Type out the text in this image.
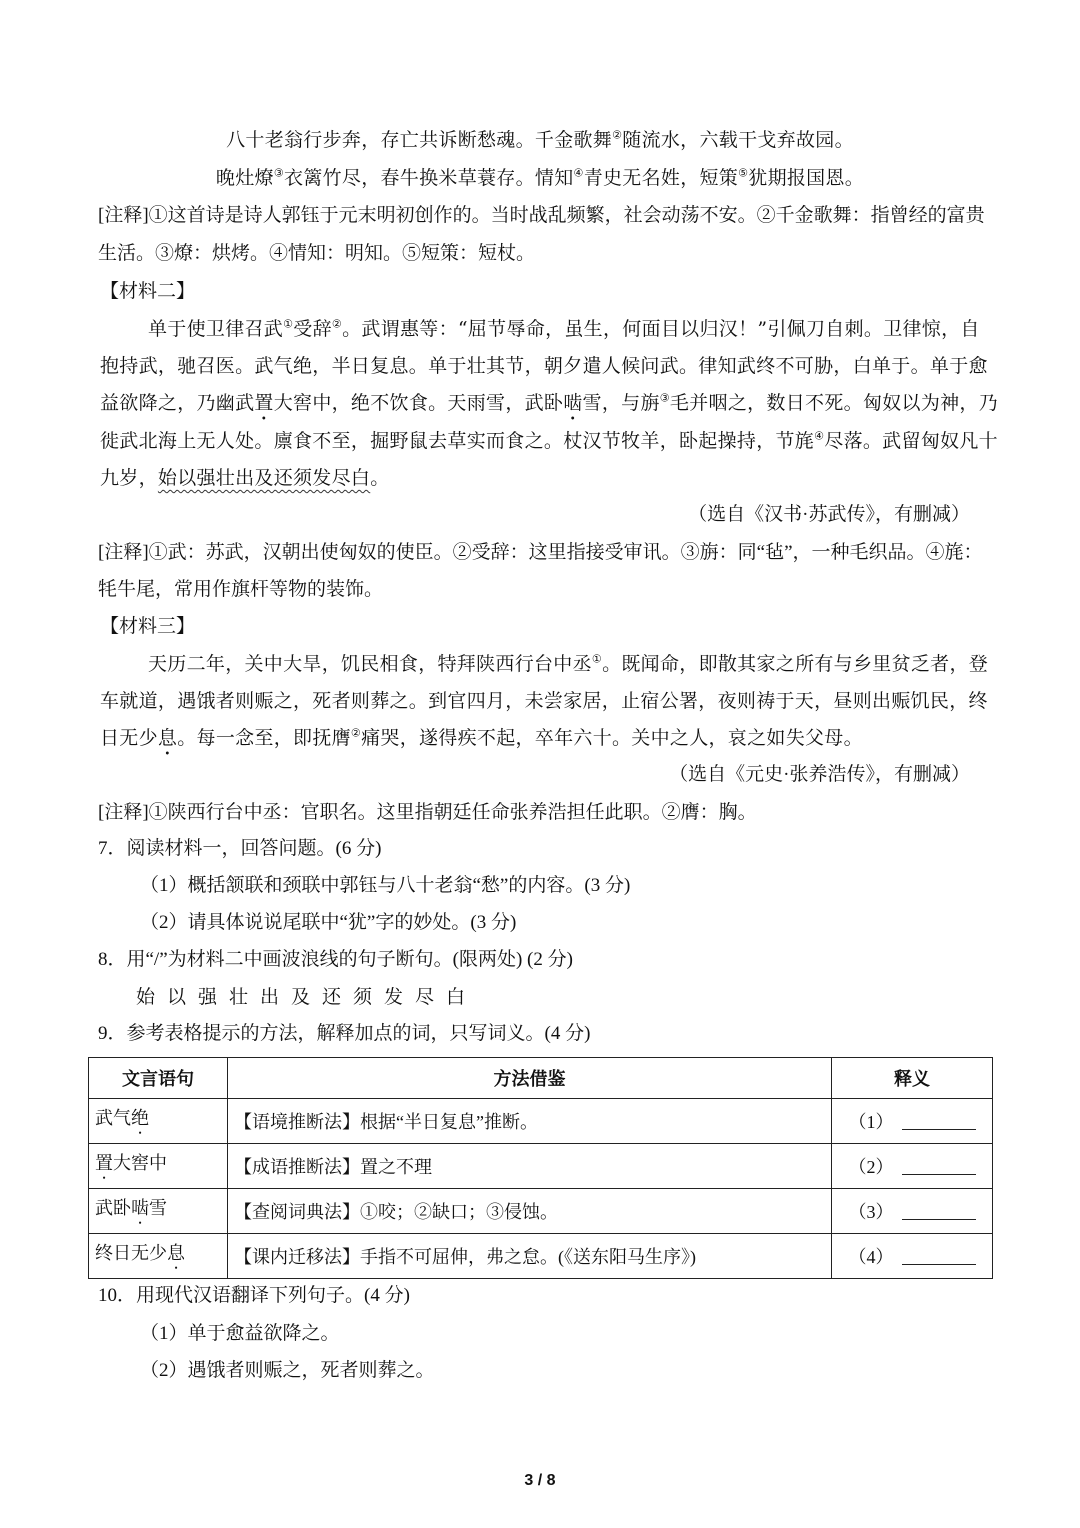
八十老翁行步奔，存亡共诉断愁魂。千金歌舞②随流水，六载干戈弃故园。
晚灶燎③衣篱竹尽，春牛换米草蓑存。情知④青史无名姓，短策⑤犹期报国恩。
[注释]①这首诗是诗人郭钰于元末明初创作的。当时战乱频繁，社会动荡不安。②千金歌舞：指曾经的富贵
生活。③燎：烘烤。④情知：明知。⑤短策：短杖。
【材料二】
单于使卫律召武①受辞②。武谓惠等：“屈节辱命，虽生，何面目以归汉！”引佩刀自刺。卫律惊，自
抱持武，驰召医。武气绝，半日复息。单于壮其节，朝夕遣人候问武。律知武终不可胁，白单于。单于愈
益欲降之，乃幽武置大窖中，绝不饮食。天雨雪，武卧啮雪，与旃③毛并咽之，数日不死。匈奴以为神，乃
徙武北海上无人处。廪食不至，掘野鼠去草实而食之。杖汉节牧羊，卧起操持，节旄④尽落。武留匈奴凡十
九岁，始以强壮出及还须发尽白。
（选自《汉书·苏武传》，有删减）
[注释]①武：苏武，汉朝出使匈奴的使臣。②受辞：这里指接受审讯。③旃：同“毡”，一种毛织品。④旄：
牦牛尾，常用作旗杆等物的装饰。
【材料三】
天历二年，关中大旱，饥民相食，特拜陕西行台中丞①。既闻命，即散其家之所有与乡里贫乏者，登
车就道，遇饿者则赈之，死者则葬之。到官四月，未尝家居，止宿公署，夜则祷于天，昼则出赈饥民，终
日无少息。每一念至，即抚膺②痛哭，遂得疾不起，卒年六十。关中之人，哀之如失父母。
（选自《元史·张养浩传》，有删减）
[注释]①陕西行台中丞：官职名。这里指朝廷任命张养浩担任此职。②膺：胸。
7．阅读材料一，回答问题。(6 分)
（1）概括颔联和颈联中郭钰与八十老翁“愁”的内容。(3 分)
（2）请具体说说尾联中“犹”字的妙处。(3 分)
8．用“/”为材料二中画波浪线的句子断句。(限两处) (2 分)
始以强壮出及还须发尽白
9．参考表格提示的方法，解释加点的词，只写词义。(4 分)
文言语句	方法借鉴	释义
武气绝	【语境推断法】根据“半日复息”推断。	（1）
置大窖中	【成语推断法】置之不理	（2）
武卧啮雪	【查阅词典法】①咬；②缺口；③侵蚀。	（3）
终日无少息	【课内迁移法】手指不可屈伸，弗之怠。(《送东阳马生序》)	（4）
10．用现代汉语翻译下列句子。(4 分)
（1）单于愈益欲降之。
（2）遇饿者则赈之，死者则葬之。
3 / 8
